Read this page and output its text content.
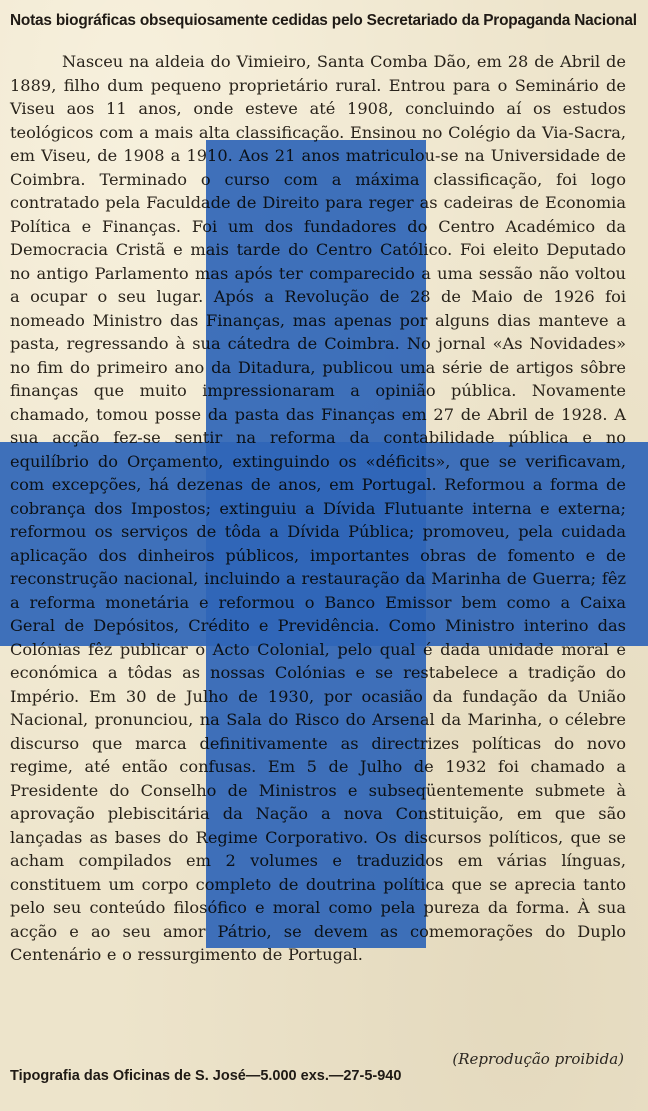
Notas biográficas obsequiosamente cedidas pelo Secretariado da Propaganda Nacional
Nasceu na aldeia do Vimieiro, Santa Comba Dão, em 28 de Abril de 1889, filho dum pequeno proprietário rural. Entrou para o Seminário de Viseu aos 11 anos, onde esteve até 1908, concluindo aí os estudos teológicos com a mais alta classificação. Ensinou no Colégio da Via-Sacra, em Viseu, de 1908 a 1910. Aos 21 anos matriculou-se na Universidade de Coimbra. Terminado o curso com a máxima classificação, foi logo contratado pela Faculdade de Direito para reger as cadeiras de Economia Política e Finanças. Foi um dos fundadores do Centro Académico da Democracia Cristã e mais tarde do Centro Católico. Foi eleito Deputado no antigo Parlamento mas após ter comparecido a uma sessão não voltou a ocupar o seu lugar. Após a Revolução de 28 de Maio de 1926 foi nomeado Ministro das Finanças, mas apenas por alguns dias manteve a pasta, regressando à sua cátedra de Coimbra. No jornal «As Novidades» no fim do primeiro ano da Ditadura, publicou uma série de artigos sôbre finanças que muito impressionaram a opinião pública. Novamente chamado, tomou posse da pasta das Finanças em 27 de Abril de 1928. A sua acção fez-se sentir na reforma da contabilidade pública e no equilíbrio do Orçamento, extinguindo os «déficits», que se verificavam, com excepções, há dezenas de anos, em Portugal. Reformou a forma de cobrança dos Impostos; extinguiu a Dívida Flutuante interna e externa; reformou os serviços de tôda a Dívida Pública; promoveu, pela cuidada aplicação dos dinheiros públicos, importantes obras de fomento e de reconstrução nacional, incluindo a restauração da Marinha de Guerra; fêz a reforma monetária e reformou o Banco Emissor bem como a Caixa Geral de Depósitos, Crédito e Previdência. Como Ministro interino das Colónias fêz publicar o Acto Colonial, pelo qual é dada unidade moral e económica a tôdas as nossas Colónias e se restabelece a tradição do Império. Em 30 de Julho de 1930, por ocasião da fundação da União Nacional, pronunciou, na Sala do Risco do Arsenal da Marinha, o célebre discurso que marca definitivamente as directrizes políticas do novo regime, até então confusas. Em 5 de Julho de 1932 foi chamado a Presidente do Conselho de Ministros e subseqüentemente submete à aprovação plebiscitária da Nação a nova Constituição, em que são lançadas as bases do Regime Corporativo. Os discursos políticos, que se acham compilados em 2 volumes e traduzidos em várias línguas, constituem um corpo completo de doutrina política que se aprecia tanto pelo seu conteúdo filosófico e moral como pela pureza da forma. À sua acção e ao seu amor Pátrio, se devem as comemorações do Duplo Centenário e o ressurgimento de Portugal.
(Reprodução proibida)
Tipografia das Oficinas de S. José—5.000 exs.—27-5-940
